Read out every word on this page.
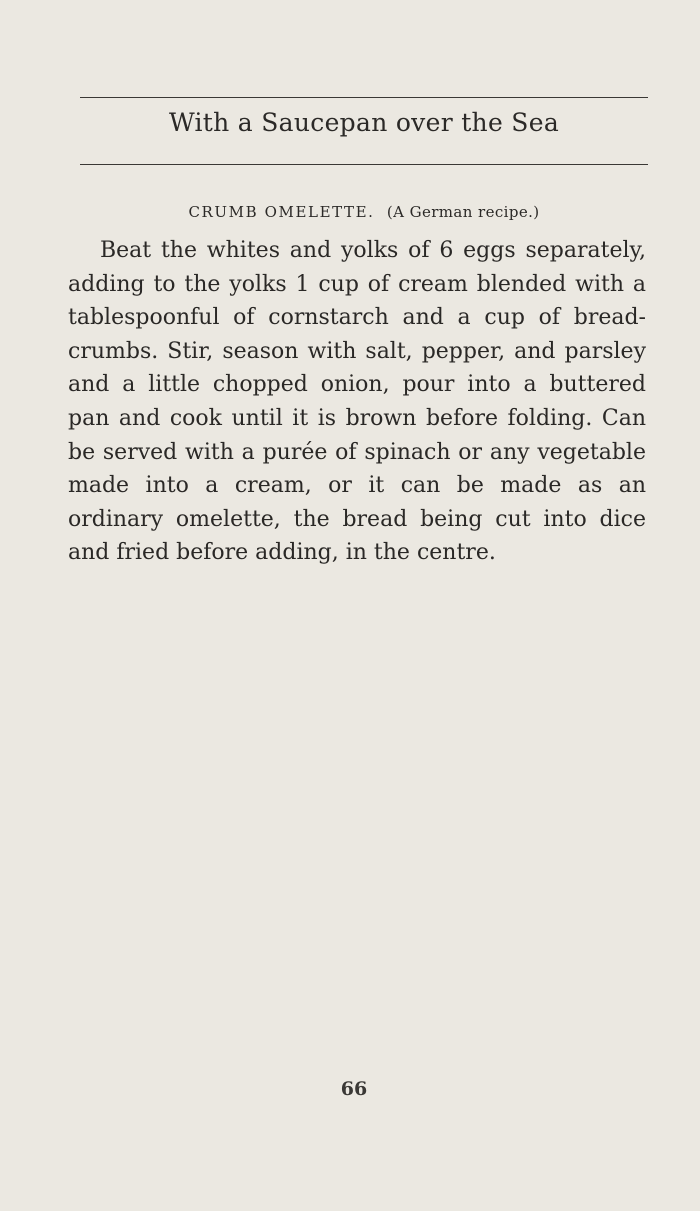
With a Saucepan over the Sea
CRUMB OMELETTE. (A German recipe.)

Beat the whites and yolks of 6 eggs separately, adding to the yolks 1 cup of cream blended with a tablespoonful of cornstarch and a cup of bread-crumbs. Stir, season with salt, pepper, and parsley and a little chopped onion, pour into a buttered pan and cook until it is brown before folding. Can be served with a purée of spinach or any vegetable made into a cream, or it can be made as an ordinary omelette, the bread being cut into dice and fried before adding, in the centre.

66
